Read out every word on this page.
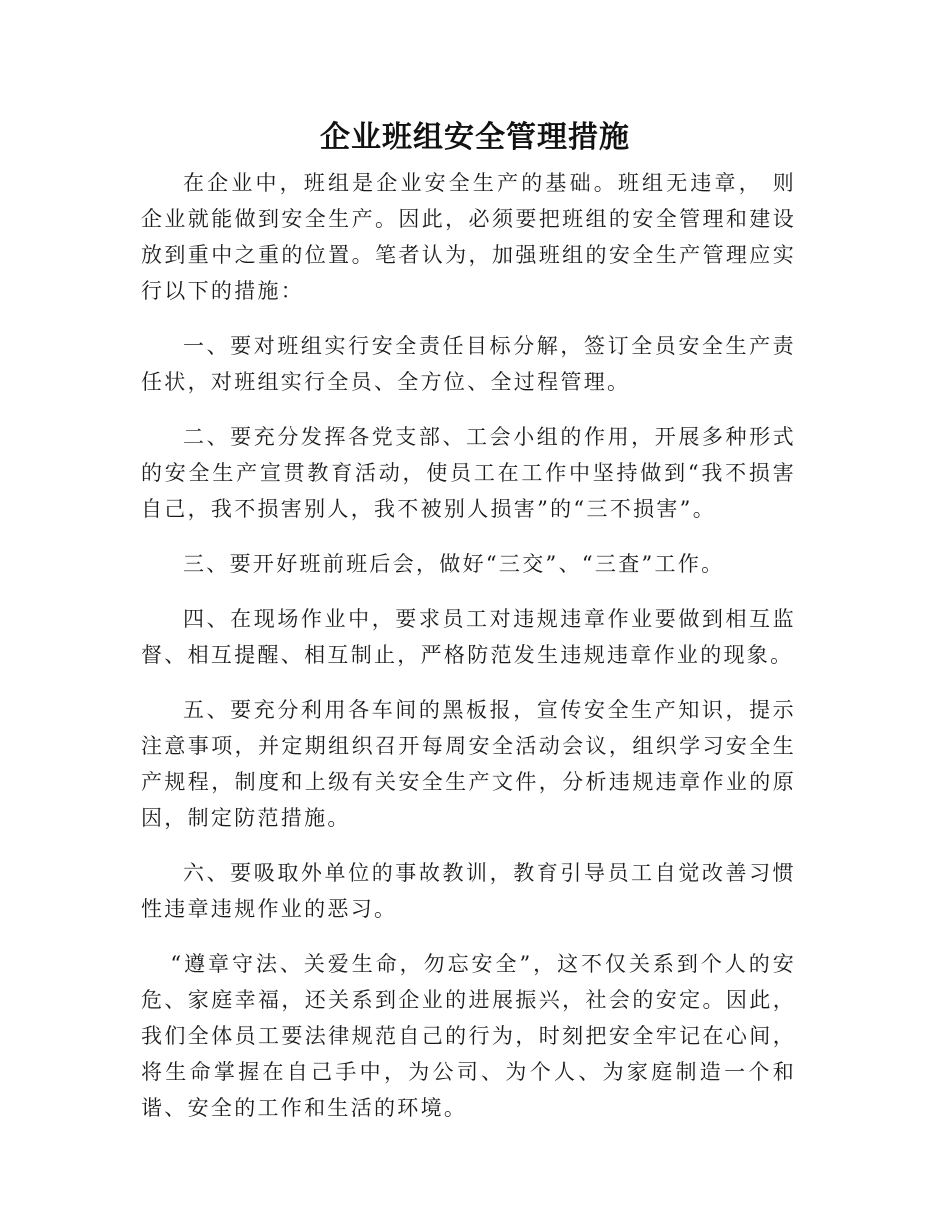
企业班组安全管理措施

在企业中，班组是企业安全生产的基础。班组无违章， 则企业就能做到安全生产。因此，必须要把班组的安全管理和建设放到重中之重的位置。笔者认为，加强班组的安全生产管理应实行以下的措施：

一、要对班组实行安全责任目标分解，签订全员安全生产责任状，对班组实行全员、全方位、全过程管理。

二、要充分发挥各党支部、工会小组的作用，开展多种形式的安全生产宣贯教育活动，使员工在工作中坚持做到“我不损害自己，我不损害别人，我不被别人损害”的“三不损害”。

三、要开好班前班后会，做好“三交”、“三査”工作。

四、在现场作业中，要求员工对违规违章作业要做到相互监督、相互提醒、相互制止，严格防范发生违规违章作业的现象。

五、要充分利用各车间的黑板报，宣传安全生产知识，提示注意事项，并定期组织召开每周安全活动会议，组织学习安全生产规程，制度和上级有关安全生产文件，分析违规违章作业的原因，制定防范措施。

六、要吸取外单位的事故教训，教育引导员工自觉改善习惯性违章违规作业的恶习。

“遵章守法、关爱生命，勿忘安全”，这不仅关系到个人的安危、家庭幸福，还关系到企业的进展振兴，社会的安定。因此，我们全体员工要法律规范自己的行为，时刻把安全牢记在心间，将生命掌握在自己手中，为公司、为个人、为家庭制造一个和谐、安全的工作和生活的环境。
